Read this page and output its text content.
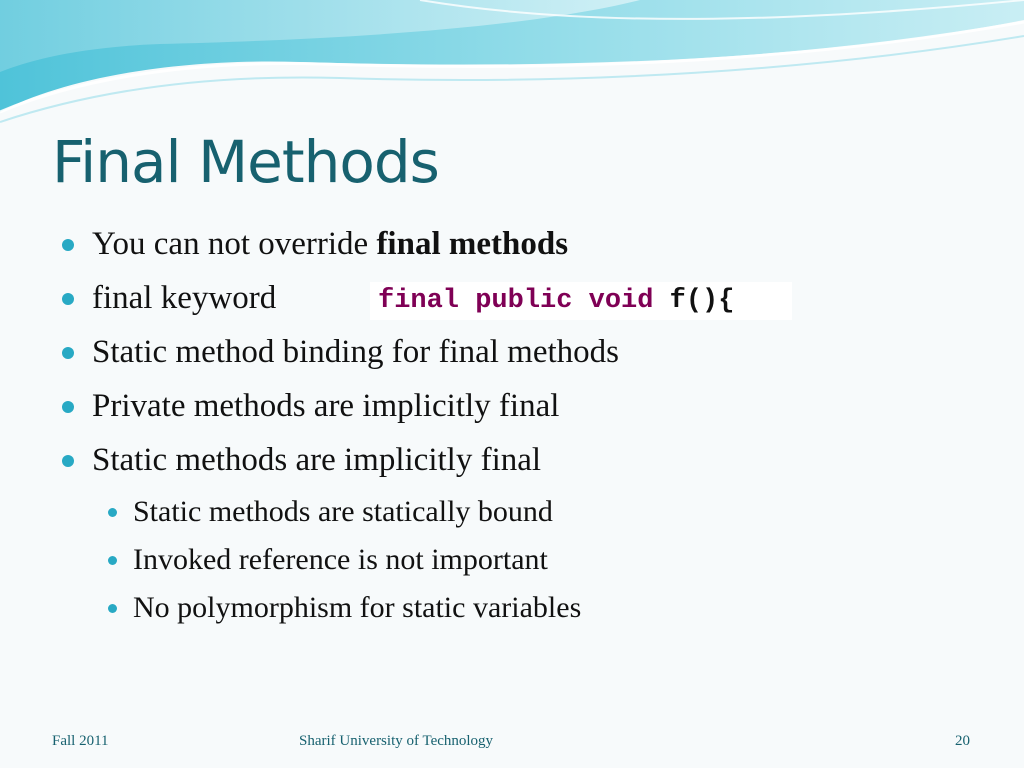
Final Methods
You can not override final methods
final keyword
Static method binding for final methods
Private methods are implicitly final
Static methods are implicitly final
Static methods are statically bound
Invoked reference is not important
No polymorphism for static variables
final public void f(){
Fall 2011	Sharif University of Technology	20
